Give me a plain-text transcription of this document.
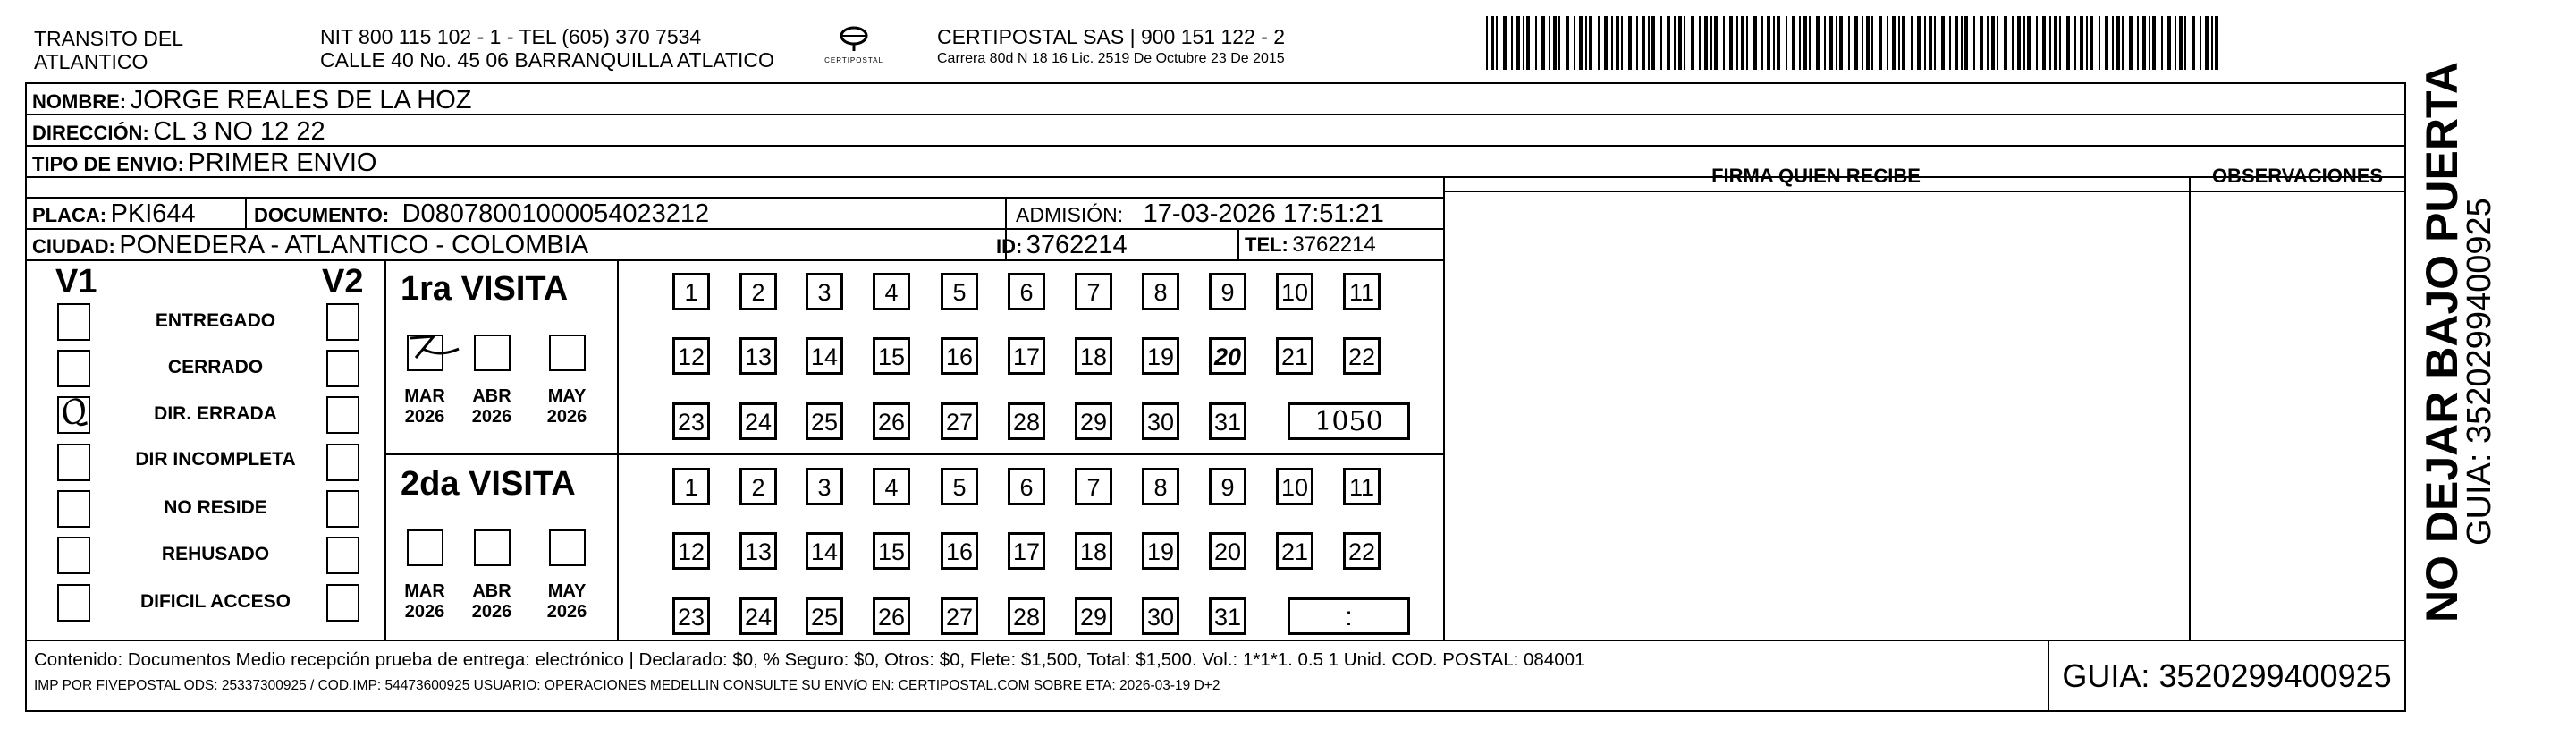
TRANSITO DEL
ATLANTICO
NIT 800 115 102 - 1 - TEL (605) 370 7534
CALLE 40 No. 45 06 BARRANQUILLA ATLATICO	CERTIPOSTAL
CERTIPOSTAL SAS | 900 151 122 - 2
Carrera 80d N 18 16 Lic. 2519 De Octubre 23 De 2015
NOMBRE: JORGE REALES DE LA HOZ
DIRECCIÓN: CL 3 NO 12 22
TIPO DE ENVIO: PRIMER ENVIO
PLACA: PKI644	DOCUMENTO: D08078001000054023212	ADMISIÓN: 17-03-2026 17:51:21
CIUDAD: PONEDERA - ATLANTICO - COLOMBIA	ID: 3762214	TEL: 3762214
FIRMA QUIEN RECIBE	OBSERVACIONES
V1	V2
ENTREGADO
CERRADO
Q	DIR. ERRADA
DIR INCOMPLETA
NO RESIDE
REHUSADO
DIFICIL ACCESO
1ra VISITA
MAR
2026
ABR
2026
MAY
2026
1	2	3	4	5	6	7	8	9	10 11
12 13 14 15 16 17 18 19 20 21 22
23 24 25 26 27 28 29 30 31	1050
2da VISITA
MAR
2026
ABR
2026
MAY
2026
1	2	3	4	5	6	7	8	9	10 11
12 13 14 15 16 17 18 19 20 21 22
23 24 25 26 27 28 29 30 31	:
Contenido: Documentos Medio recepción prueba de entrega: electrónico | Declarado: $0, % Seguro: $0, Otros: $0, Flete: $1,500, Total: $1,500. Vol.: 1*1*1. 0.5 1 Unid. COD. POSTAL: 084001
IMP POR FIVEPOSTAL ODS: 25337300925 / COD.IMP: 54473600925 USUARIO: OPERACIONES MEDELLIN CONSULTE SU ENVíO EN: CERTIPOSTAL.COM SOBRE ETA: 2026-03-19 D+2	GUIA: 3520299400925
NO DEJAR BAJO PUERTA
GUIA: 3520299400925
